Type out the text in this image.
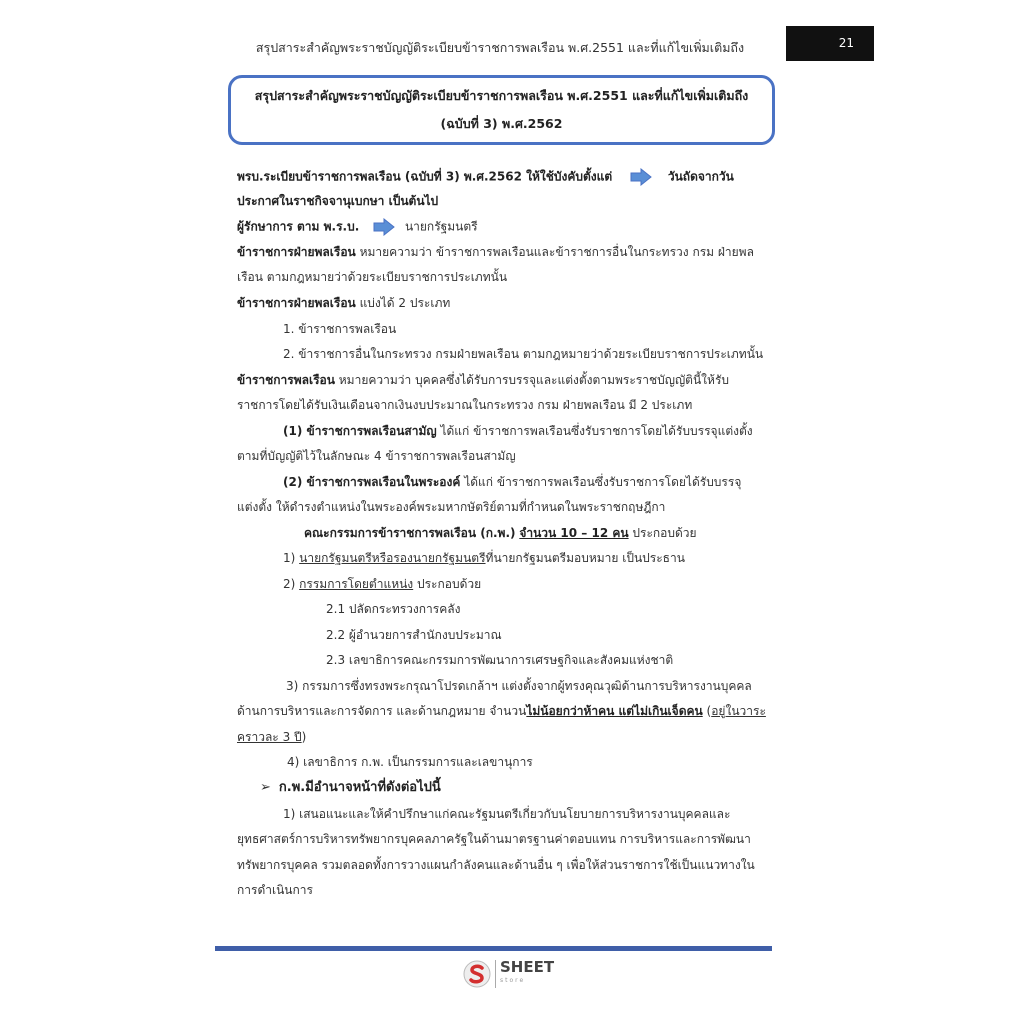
สรุปสาระสำคัญพระราชบัญญัติระเบียบข้าราชการพลเรือน พ.ศ.2551 และที่แก้ไขเพิ่มเติมถึง	21
สรุปสาระสำคัญพระราชบัญญัติระเบียบข้าราชการพลเรือน พ.ศ.2551 และที่แก้ไขเพิ่มเติมถึง (ฉบับที่ 3) พ.ศ.2562
พรบ.ระเบียบข้าราชการพลเรือน (ฉบับที่ 3) พ.ศ.2562 ให้ใช้บังคับตั้งแต่	วันถัดจากวัน
ประกาศในราชกิจจานุเบกษา เป็นต้นไป
ผู้รักษาการ ตาม พ.ร.บ.	นายกรัฐมนตรี
ข้าราชการฝ่ายพลเรือน หมายความว่า ข้าราชการพลเรือนและข้าราชการอื่นในกระทรวง กรม ฝ่ายพล
เรือน ตามกฎหมายว่าด้วยระเบียบราชการประเภทนั้น
ข้าราชการฝ่ายพลเรือน แบ่งได้ 2 ประเภท
1. ข้าราชการพลเรือน
2. ข้าราชการอื่นในกระทรวง กรมฝ่ายพลเรือน ตามกฎหมายว่าด้วยระเบียบราชการประเภทนั้น
ข้าราชการพลเรือน หมายความว่า บุคคลซึ่งได้รับการบรรจุและแต่งตั้งตามพระราชบัญญัตินี้ให้รับ
ราชการโดยได้รับเงินเดือนจากเงินงบประมาณในกระทรวง กรม ฝ่ายพลเรือน มี 2 ประเภท
(1) ข้าราชการพลเรือนสามัญ ได้แก่ ข้าราชการพลเรือนซึ่งรับราชการโดยได้รับบรรจุแต่งตั้ง
ตามที่บัญญัติไว้ในลักษณะ 4 ข้าราชการพลเรือนสามัญ
(2) ข้าราชการพลเรือนในพระองค์ ได้แก่ ข้าราชการพลเรือนซึ่งรับราชการโดยได้รับบรรจุ
แต่งตั้ง ให้ดำรงตำแหน่งในพระองค์พระมหากษัตริย์ตามที่กำหนดในพระราชกฤษฎีกา
คณะกรรมการข้าราชการพลเรือน (ก.พ.) จำนวน 10 – 12 คน ประกอบด้วย
1) นายกรัฐมนตรีหรือรองนายกรัฐมนตรีที่นายกรัฐมนตรีมอบหมาย เป็นประธาน
2) กรรมการโดยตำแหน่ง ประกอบด้วย
2.1 ปลัดกระทรวงการคลัง
2.2 ผู้อำนวยการสำนักงบประมาณ
2.3 เลขาธิการคณะกรรมการพัฒนาการเศรษฐกิจและสังคมแห่งชาติ
3) กรรมการซึ่งทรงพระกรุณาโปรดเกล้าฯ แต่งตั้งจากผู้ทรงคุณวุฒิด้านการบริหารงานบุคคล
ด้านการบริหารและการจัดการ และด้านกฎหมาย จำนวนไม่น้อยกว่าห้าคน แต่ไม่เกินเจ็ดคน (อยู่ในวาระ
คราวละ 3 ปี)
4) เลขาธิการ ก.พ. เป็นกรรมการและเลขานุการ
➢ ก.พ.มีอำนาจหน้าที่ดังต่อไปนี้
1) เสนอแนะและให้คำปรึกษาแก่คณะรัฐมนตรีเกี่ยวกับนโยบายการบริหารงานบุคคลและ
ยุทธศาสตร์การบริหารทรัพยากรบุคคลภาครัฐในด้านมาตรฐานค่าตอบแทน การบริหารและการพัฒนา
ทรัพยากรบุคคล รวมตลอดทั้งการวางแผนกำลังคนและด้านอื่น ๆ เพื่อให้ส่วนราชการใช้เป็นแนวทางใน
การดำเนินการ
SHEET
store
